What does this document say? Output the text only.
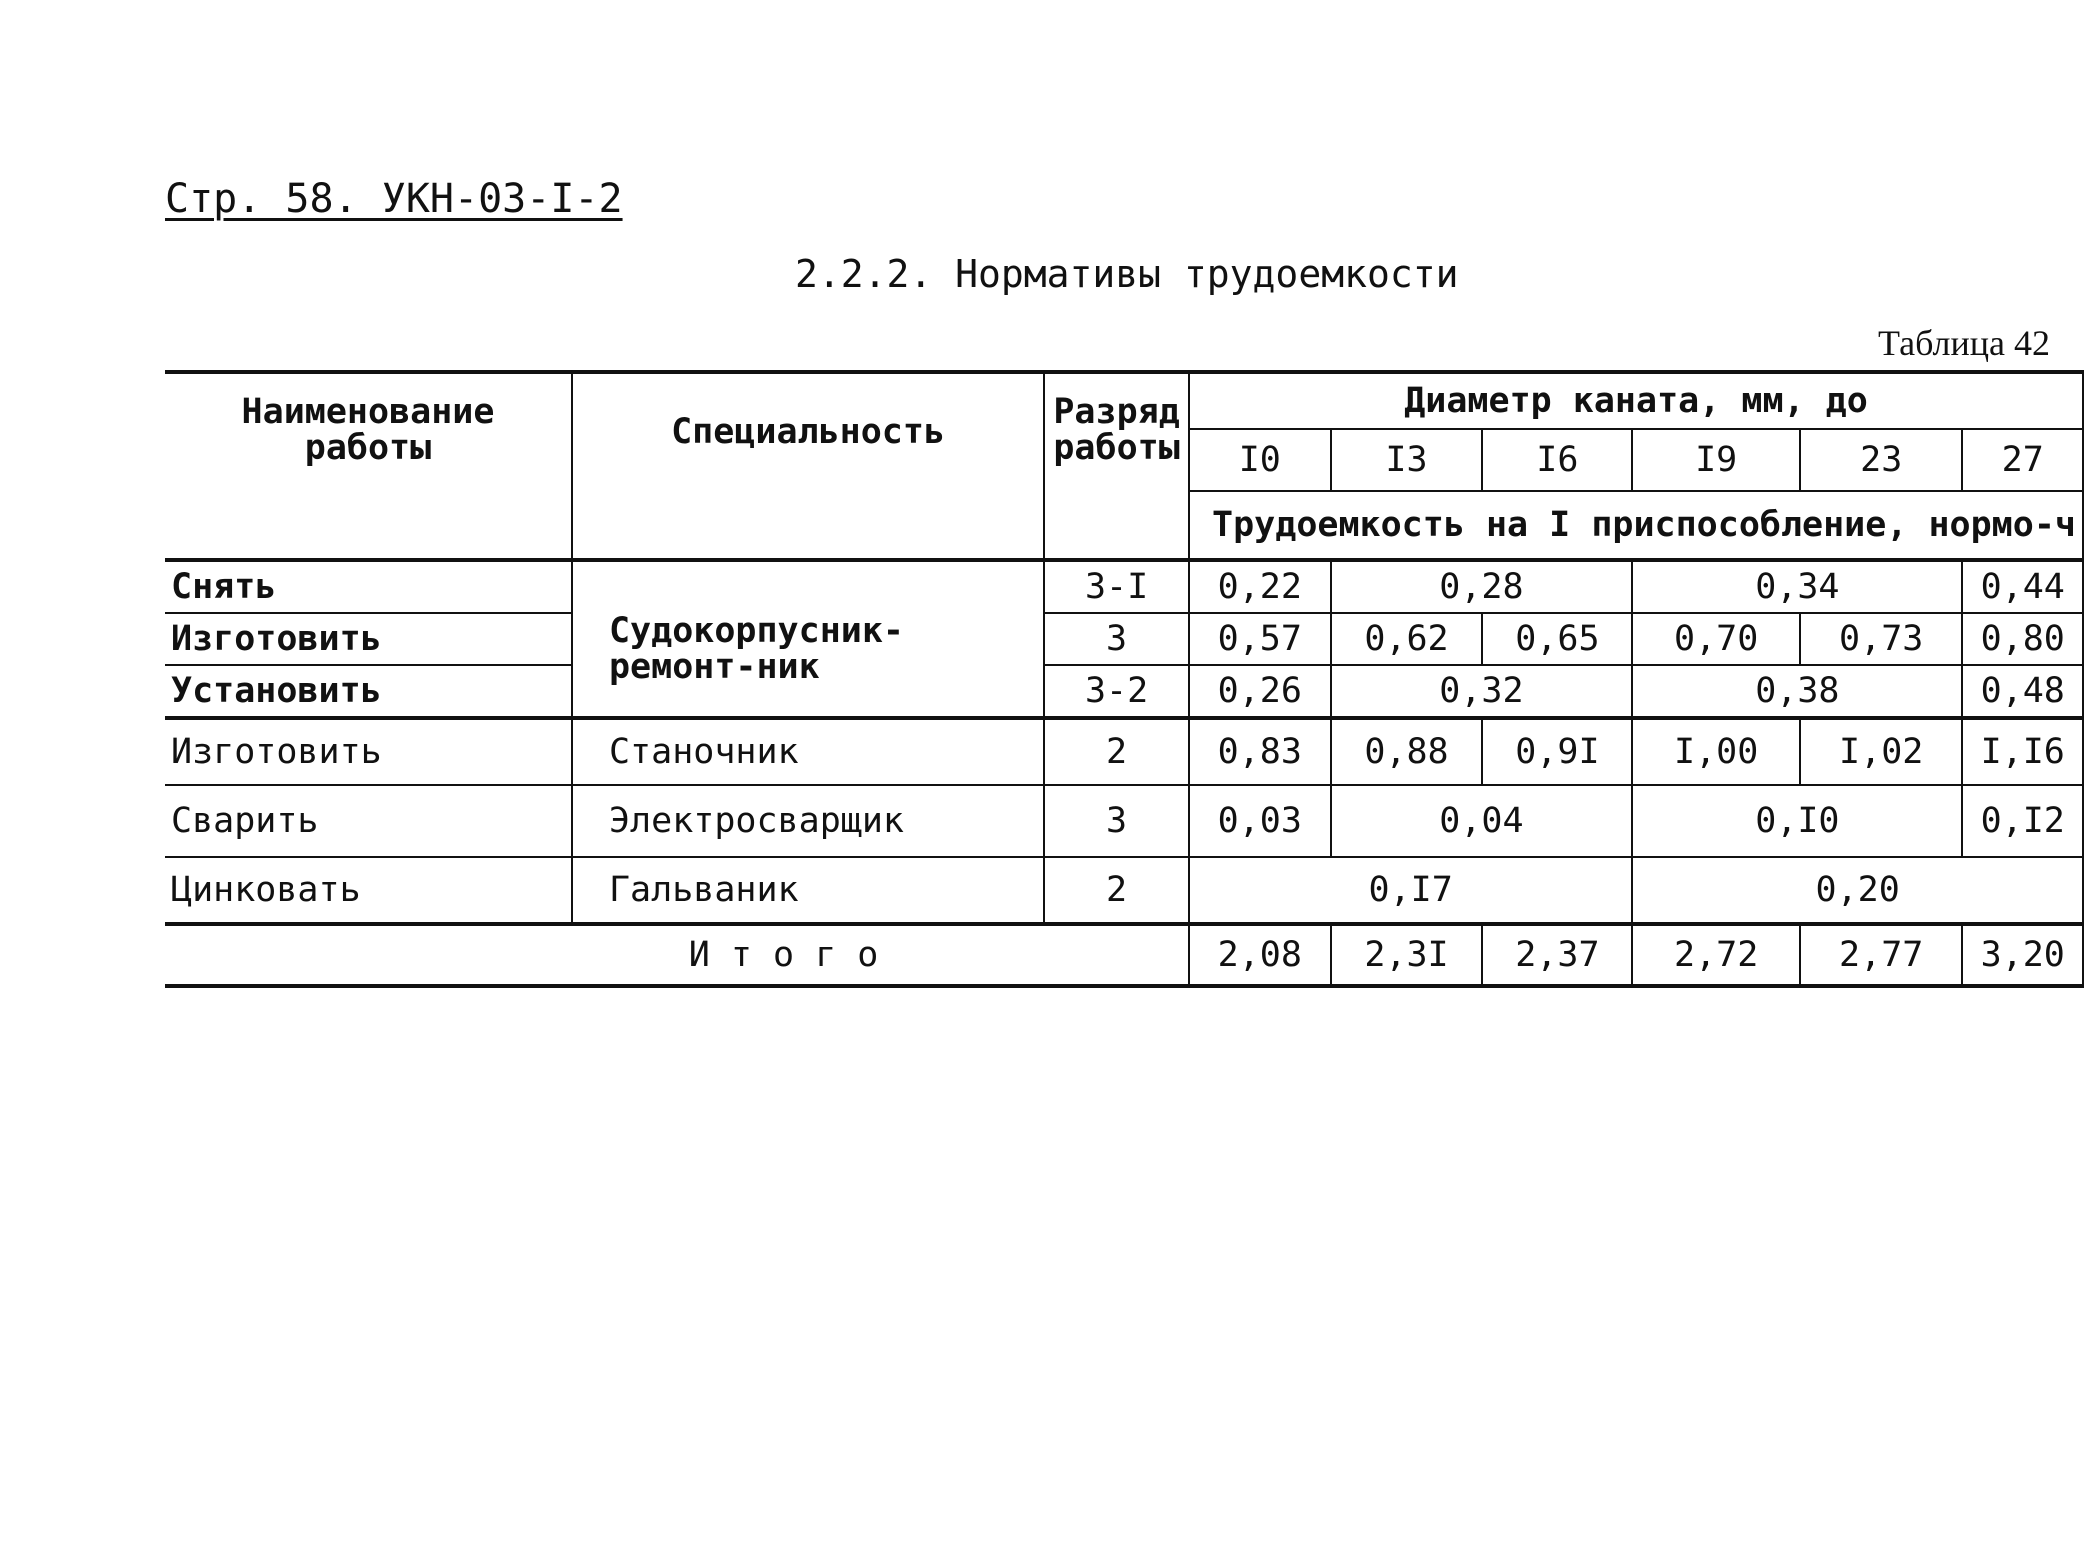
Стр. 58. УКН-03-I-2
2.2.2. Нормативы трудоемкости
Таблица 42
Наименование работы	Специальность	Разряд работы	Диаметр каната, мм, до					
			I0	I3	I6	I9	23	27
			Трудоемкость на I приспособление, нормо-ч					
Снять	Судокорпусник-ремонт-ник	3-I	0,22	0,28		0,34		0,44
Изготовить		3	0,57	0,62	0,65	0,70	0,73	0,80
Установить		3-2	0,26	0,32		0,38		0,48
Изготовить	Станочник	2	0,83	0,88	0,9I	I,00	I,02	I,I6
Сварить	Электросварщик	3	0,03	0,04		0,I0		0,I2
Цинковать	Гальваник	2	0,I7			0,20		
И т о г о			2,08	2,3I	2,37	2,72	2,77	3,20
